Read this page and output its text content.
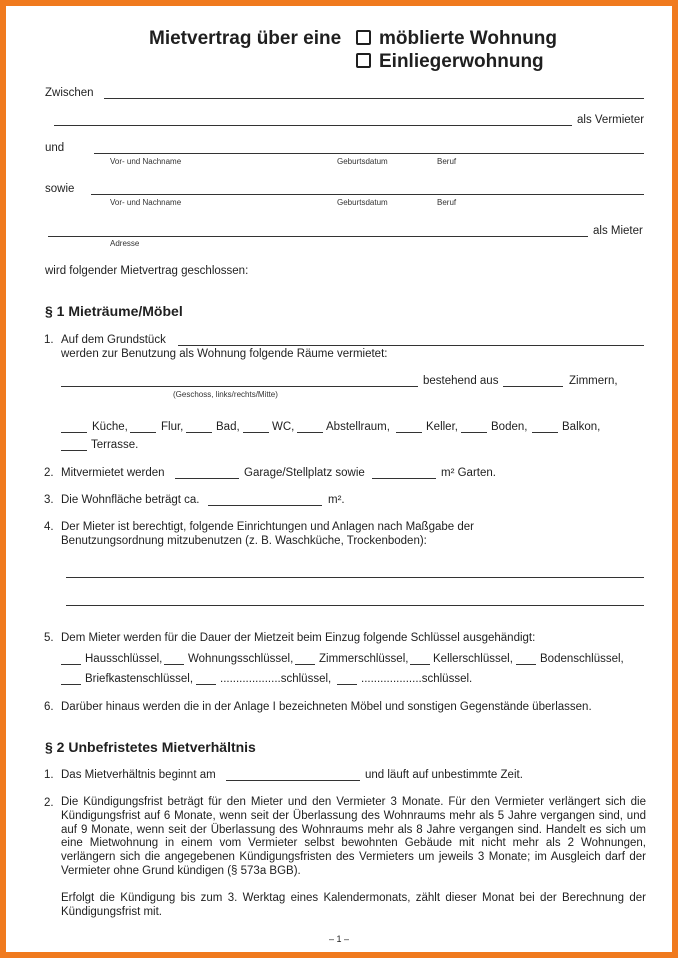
Mietvertrag über eine	möblierte Wohnung
Einliegerwohnung
Zwischen
als Vermieter
und
Vor- und Nachname	Geburtsdatum	Beruf
sowie
Vor- und Nachname	Geburtsdatum	Beruf
als Mieter
Adresse
wird folgender Mietvertrag geschlossen:
§ 1 Mieträume/Möbel
1. Auf dem Grundstück
werden zur Benutzung als Wohnung folgende Räume vermietet:
bestehend aus	Zimmern,
(Geschoss, links/rechts/Mitte)
Küche,	Flur,	Bad,	WC,	Abstellraum,	Keller,	Boden,	Balkon,
Terrasse.
2. Mitvermietet werden	Garage/Stellplatz sowie	m² Garten.
3. Die Wohnfläche beträgt ca.	m².
4. Der Mieter ist berechtigt, folgende Einrichtungen und Anlagen nach Maßgabe der
Benutzungsordnung mitzubenutzen (z. B. Waschküche, Trockenboden):
5. Dem Mieter werden für die Dauer der Mietzeit beim Einzug folgende Schlüssel ausgehändigt:
Hausschlüssel, Wohnungsschlüssel, Zimmerschlüssel, Kellerschlüssel, Bodenschlüssel,
Briefkastenschlüssel, ...................schlüssel,	...................schlüssel.
6. Darüber hinaus werden die in der Anlage I bezeichneten Möbel und sonstigen Gegenstände überlassen.
§ 2 Unbefristetes Mietverhältnis
1. Das Mietverhältnis beginnt am	und läuft auf unbestimmte Zeit.
2. Die Kündigungsfrist beträgt für den Mieter und den Vermieter 3 Monate. Für den Vermieter verlängert sich die Kündigungsfrist auf 6 Monate, wenn seit der Überlassung des Wohnraums mehr als 5 Jahre vergangen sind, und auf 9 Monate, wenn seit der Überlassung des Wohnraums mehr als 8 Jahre vergangen sind. Handelt es sich um eine Mietwohnung in einem vom Vermieter selbst bewohnten Gebäude mit nicht mehr als 2 Wohnungen, verlängern sich die angegebenen Kündigungsfristen des Vermieters um jeweils 3 Monate; im Ausgleich darf der Vermieter ohne Grund kündigen (§ 573a BGB).
Erfolgt die Kündigung bis zum 3. Werktag eines Kalendermonats, zählt dieser Monat bei der Berechnung der Kündigungsfrist mit.
– 1 –
